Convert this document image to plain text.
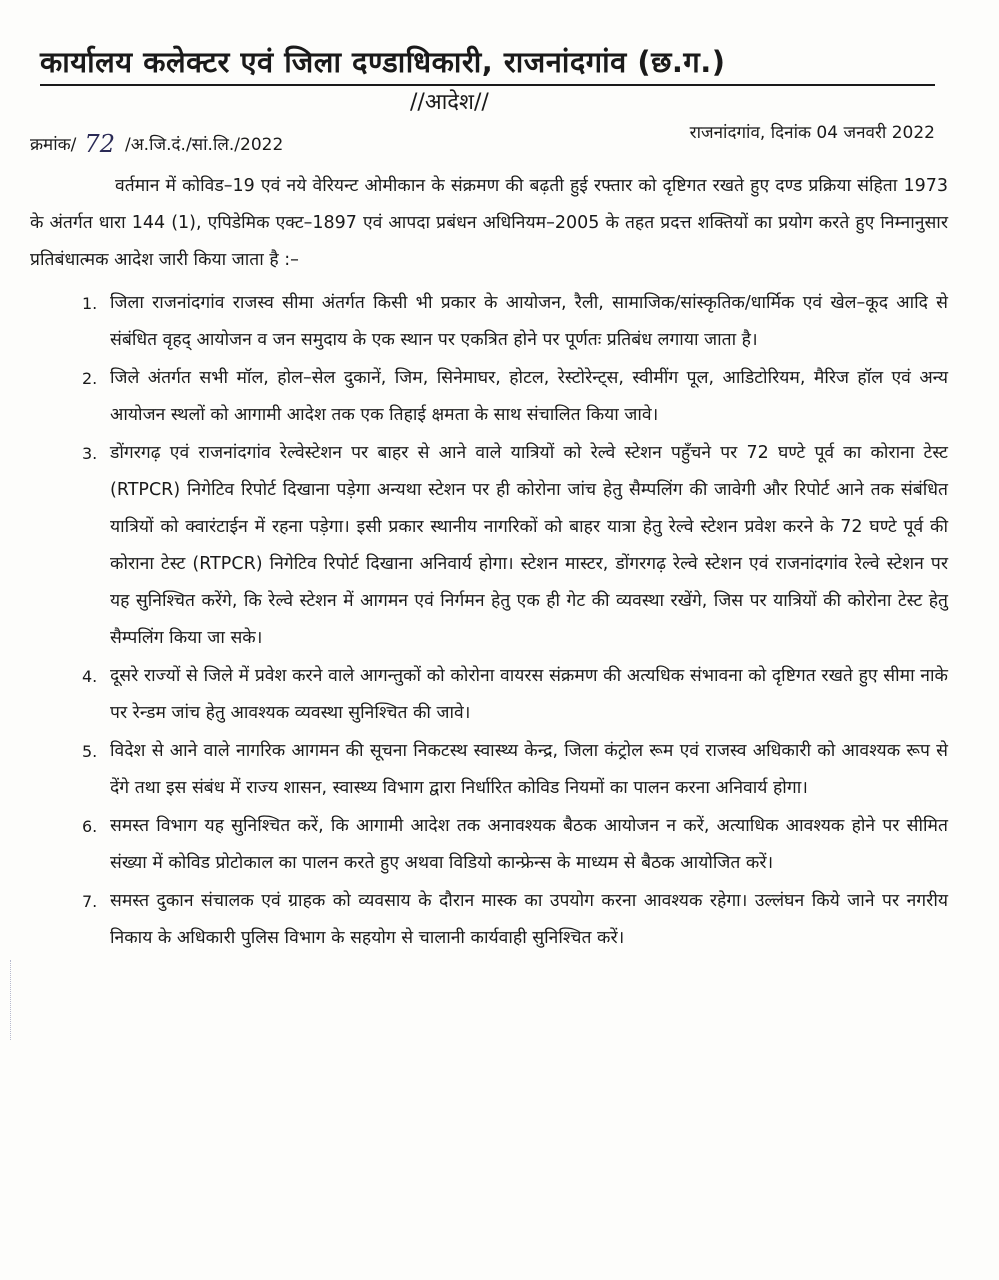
कार्यालय कलेक्टर एवं जिला दण्डाधिकारी, राजनांदगांव (छ.ग.)
//आदेश//
क्रमांक/ 72 /अ.जि.दं./सां.लि./2022
राजनांदगांव, दिनांक 04 जनवरी 2022

वर्तमान में कोविड–19 एवं नये वेरियन्ट ओमीकान के संक्रमण की बढ़ती हुई रफ्तार को दृष्टिगत रखते हुए दण्ड प्रक्रिया संहिता 1973 के अंतर्गत धारा 144 (1), एपिडेमिक एक्ट–1897 एवं आपदा प्रबंधन अधिनियम–2005 के तहत प्रदत्त शक्तियों का प्रयोग करते हुए निम्नानुसार प्रतिबंधात्मक आदेश जारी किया जाता है :–

1. जिला राजनांदगांव राजस्व सीमा अंतर्गत किसी भी प्रकार के आयोजन, रैली, सामाजिक/सांस्कृतिक/धार्मिक एवं खेल–कूद आदि से संबंधित वृहद् आयोजन व जन समुदाय के एक स्थान पर एकत्रित होने पर पूर्णतः प्रतिबंध लगाया जाता है।
2. जिले अंतर्गत सभी मॉल, होल–सेल दुकानें, जिम, सिनेमाघर, होटल, रेस्टोरेन्ट्स, स्वीमींग पूल, आडिटोरियम, मैरिज हॉल एवं अन्य आयोजन स्थलों को आगामी आदेश तक एक तिहाई क्षमता के साथ संचालित किया जावे।
3. डोंगरगढ़ एवं राजनांदगांव रेल्वेस्टेशन पर बाहर से आने वाले यात्रियों को रेल्वे स्टेशन पहुँचने पर 72 घण्टे पूर्व का कोराना टेस्ट (RTPCR) निगेटिव रिपोर्ट दिखाना पड़ेगा अन्यथा स्टेशन पर ही कोरोना जांच हेतु सैम्पलिंग की जावेगी और रिपोर्ट आने तक संबंधित यात्रियों को क्वारंटाईन में रहना पड़ेगा। इसी प्रकार स्थानीय नागरिकों को बाहर यात्रा हेतु रेल्वे स्टेशन प्रवेश करने के 72 घण्टे पूर्व की कोराना टेस्ट (RTPCR) निगेटिव रिपोर्ट दिखाना अनिवार्य होगा। स्टेशन मास्टर, डोंगरगढ़ रेल्वे स्टेशन एवं राजनांदगांव रेल्वे स्टेशन पर यह सुनिश्चित करेंगे, कि रेल्वे स्टेशन में आगमन एवं निर्गमन हेतु एक ही गेट की व्यवस्था रखेंगे, जिस पर यात्रियों की कोरोना टेस्ट हेतु सैम्पलिंग किया जा सके।
4. दूसरे राज्यों से जिले में प्रवेश करने वाले आगन्तुकों को कोरोना वायरस संक्रमण की अत्यधिक संभावना को दृष्टिगत रखते हुए सीमा नाके पर रेन्डम जांच हेतु आवश्यक व्यवस्था सुनिश्चित की जावे।
5. विदेश से आने वाले नागरिक आगमन की सूचना निकटस्थ स्वास्थ्य केन्द्र, जिला कंट्रोल रूम एवं राजस्व अधिकारी को आवश्यक रूप से देंगे तथा इस संबंध में राज्य शासन, स्वास्थ्य विभाग द्वारा निर्धारित कोविड नियमों का पालन करना अनिवार्य होगा।
6. समस्त विभाग यह सुनिश्चित करें, कि आगामी आदेश तक अनावश्यक बैठक आयोजन न करें, अत्याधिक आवश्यक होने पर सीमित संख्या में कोविड प्रोटोकाल का पालन करते हुए अथवा विडियो कान्फ्रेन्स के माध्यम से बैठक आयोजित करें।
7. समस्त दुकान संचालक एवं ग्राहक को व्यवसाय के दौरान मास्क का उपयोग करना आवश्यक रहेगा। उल्लंघन किये जाने पर नगरीय निकाय के अधिकारी पुलिस विभाग के सहयोग से चालानी कार्यवाही सुनिश्चित करें।
